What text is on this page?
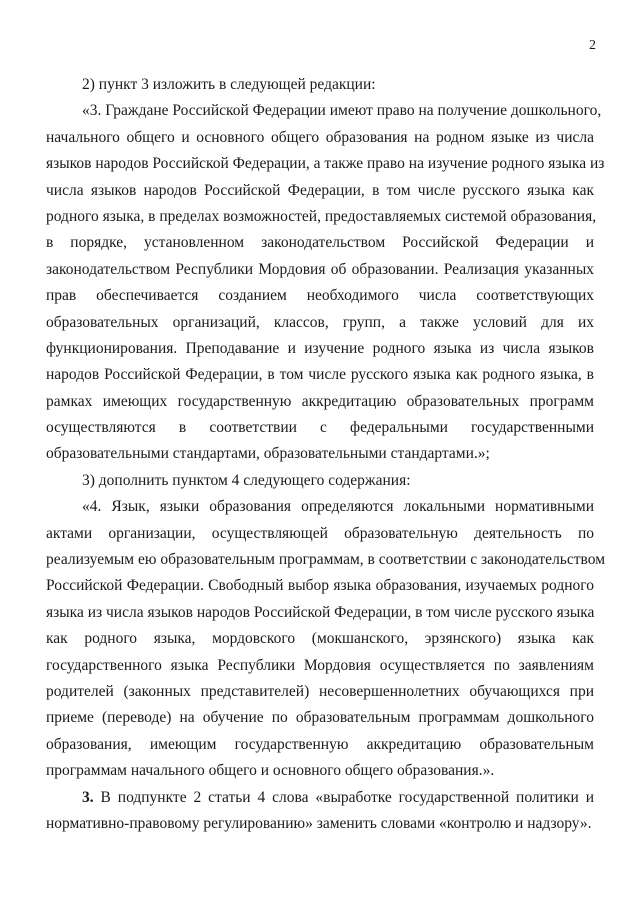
2

2) пункт 3 изложить в следующей редакции:

«3. Граждане Российской Федерации имеют право на получение дошкольного,
начального общего и основного общего образования на родном языке из числа
языков народов Российской Федерации, а также право на изучение родного языка из
числа языков народов Российской Федерации, в том числе русского языка как
родного языка, в пределах возможностей, предоставляемых системой образования,
в порядке, установленном законодательством Российской Федерации и
законодательством Республики Мордовия об образовании. Реализация указанных
прав обеспечивается созданием необходимого числа соответствующих
образовательных организаций, классов, групп, а также условий для их
функционирования. Преподавание и изучение родного языка из числа языков
народов Российской Федерации, в том числе русского языка как родного языка, в
рамках имеющих государственную аккредитацию образовательных программ
осуществляются в соответствии с федеральными государственными
образовательными стандартами, образовательными стандартами.»;

3) дополнить пунктом 4 следующего содержания:

«4. Язык, языки образования определяются локальными нормативными
актами организации, осуществляющей образовательную деятельность по
реализуемым ею образовательным программам, в соответствии с законодательством
Российской Федерации. Свободный выбор языка образования, изучаемых родного
языка из числа языков народов Российской Федерации, в том числе русского языка
как родного языка, мордовского (мокшанского, эрзянского) языка как
государственного языка Республики Мордовия осуществляется по заявлениям
родителей (законных представителей) несовершеннолетних обучающихся при
приеме (переводе) на обучение по образовательным программам дошкольного
образования, имеющим государственную аккредитацию образовательным
программам начального общего и основного общего образования.».

3. В подпункте 2 статьи 4 слова «выработке государственной политики и
нормативно-правовому регулированию» заменить словами «контролю и надзору».
